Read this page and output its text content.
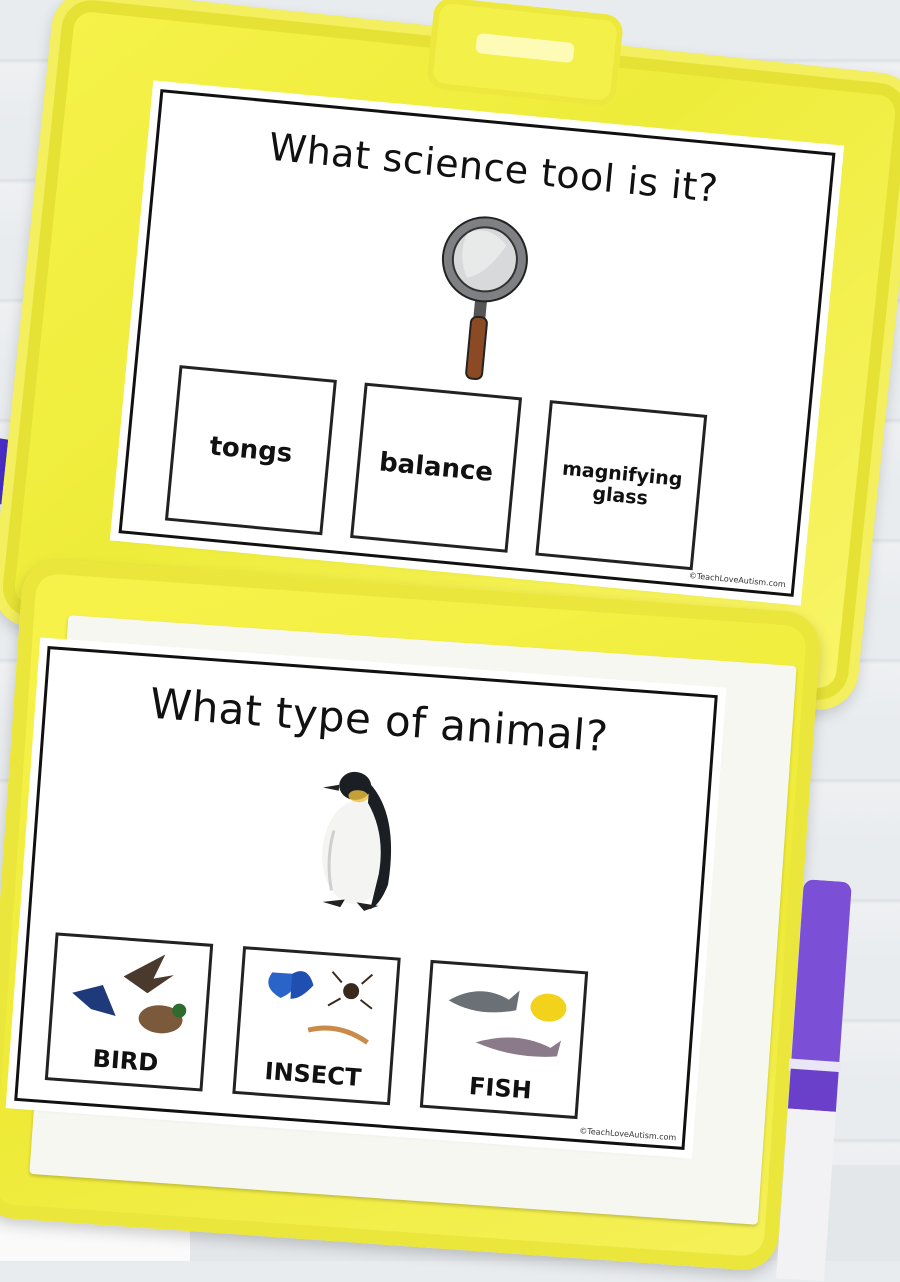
What science tool is it?
tongs	balance	magnifying glass
©TeachLoveAutism.com
What type of animal?
BIRD	INSECT	FISH
©TeachLoveAutism.com
